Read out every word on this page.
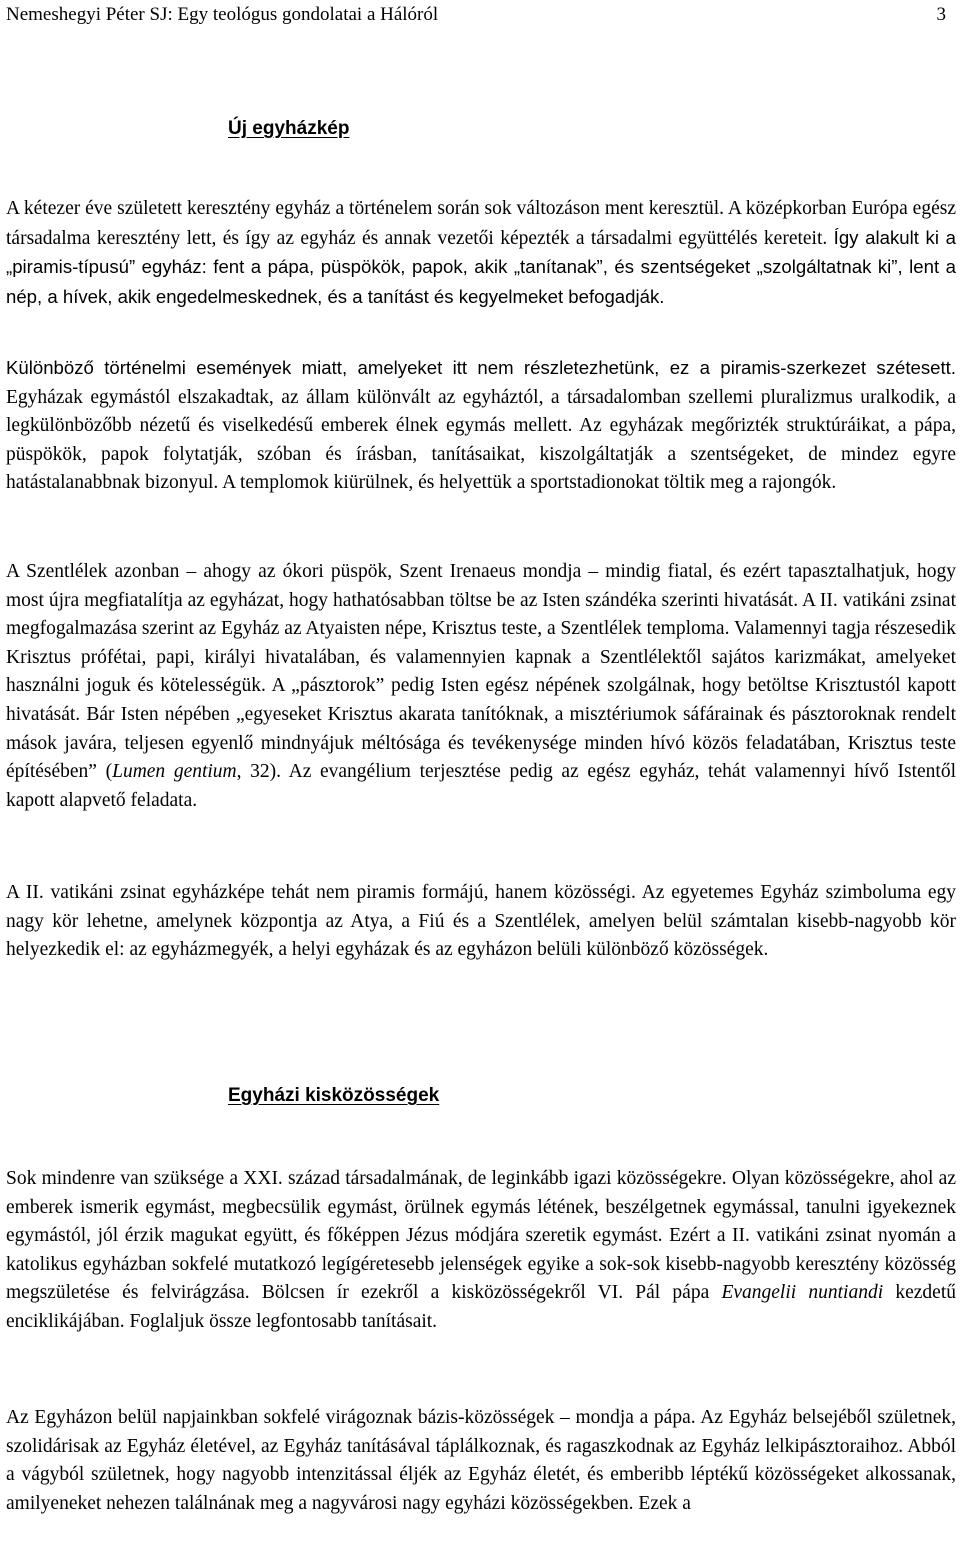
Nemeshegyi Péter SJ: Egy teológus gondolatai a Hálóról	3
Új egyházkép

A kétezer éve született keresztény egyház a történelem során sok változáson ment keresztül. A középkorban Európa egész társadalma keresztény lett, és így az egyház és annak vezetői képezték a társadalmi együttélés kereteit. Így alakult ki a „piramis-típusú” egyház: fent a pápa, püspökök, papok, akik „tanítanak”, és szentségeket „szolgáltatnak ki”, lent a nép, a hívek, akik engedelmeskednek, és a tanítást és kegyelmeket befogadják.

Különböző történelmi események miatt, amelyeket itt nem részletezhetünk, ez a piramis-szerkezet szétesett. Egyházak egymástól elszakadtak, az állam különvált az egyháztól, a társadalomban szellemi pluralizmus uralkodik, a legkülönbözőbb nézetű és viselkedésű emberek élnek egymás mellett. Az egyházak megőrizték struktúráikat, a pápa, püspökök, papok folytatják, szóban és írásban, tanításaikat, kiszolgáltatják a szentségeket, de mindez egyre hatástalanabbnak bizonyul. A templomok kiürülnek, és helyettük a sportstadionokat töltik meg a rajongók.

A Szentlélek azonban – ahogy az ókori püspök, Szent Irenaeus mondja – mindig fiatal, és ezért tapasztalhatjuk, hogy most újra megfiatalítja az egyházat, hogy hathatósabban töltse be az Isten szándéka szerinti hivatását. A II. vatikáni zsinat megfogalmazása szerint az Egyház az Atyaisten népe, Krisztus teste, a Szentlélek temploma. Valamennyi tagja részesedik Krisztus prófétai, papi, királyi hivatalában, és valamennyien kapnak a Szentlélektől sajátos karizmákat, amelyeket használni joguk és kötelességük. A „pásztorok” pedig Isten egész népének szolgálnak, hogy betöltse Krisztustól kapott hivatását. Bár Isten népében „egyeseket Krisztus akarata tanítóknak, a misztériumok sáfárainak és pásztoroknak rendelt mások javára, teljesen egyenlő mindnyájuk méltósága és tevékenysége minden hívó közös feladatában, Krisztus teste építésében” (Lumen gentium, 32). Az evangélium terjesztése pedig az egész egyház, tehát valamennyi hívő Istentől kapott alapvető feladata.

A II. vatikáni zsinat egyházképe tehát nem piramis formájú, hanem közösségi. Az egyetemes Egyház szimboluma egy nagy kör lehetne, amelynek központja az Atya, a Fiú és a Szentlélek, amelyen belül számtalan kisebb-nagyobb kör helyezkedik el: az egyházmegyék, a helyi egyházak és az egyházon belüli különböző közösségek.

Egyházi kisközösségek

Sok mindenre van szüksége a XXI. század társadalmának, de leginkább igazi közösségekre. Olyan közösségekre, ahol az emberek ismerik egymást, megbecsülik egymást, örülnek egymás létének, beszélgetnek egymással, tanulni igyekeznek egymástól, jól érzik magukat együtt, és főképpen Jézus módjára szeretik egymást. Ezért a II. vatikáni zsinat nyomán a katolikus egyházban sokfelé mutatkozó legígéretesebb jelenségek egyike a sok-sok kisebb-nagyobb keresztény közösség megszületése és felvirágzása. Bölcsen ír ezekről a kisközösségekről VI. Pál pápa Evangelii nuntiandi kezdetű enciklikájában. Foglaljuk össze legfontosabb tanításait.

Az Egyházon belül napjainkban sokfelé virágoznak bázis-közösségek – mondja a pápa. Az Egyház belsejéből születnek, szolidárisak az Egyház életével, az Egyház tanításával táplálkoznak, és ragaszkodnak az Egyház lelkipásztoraihoz. Abból a vágyból születnek, hogy nagyobb intenzitással éljék az Egyház életét, és emberibb léptékű közösségeket alkossanak, amilyeneket nehezen találnának meg a nagyvárosi nagy egyházi közösségekben. Ezek a
